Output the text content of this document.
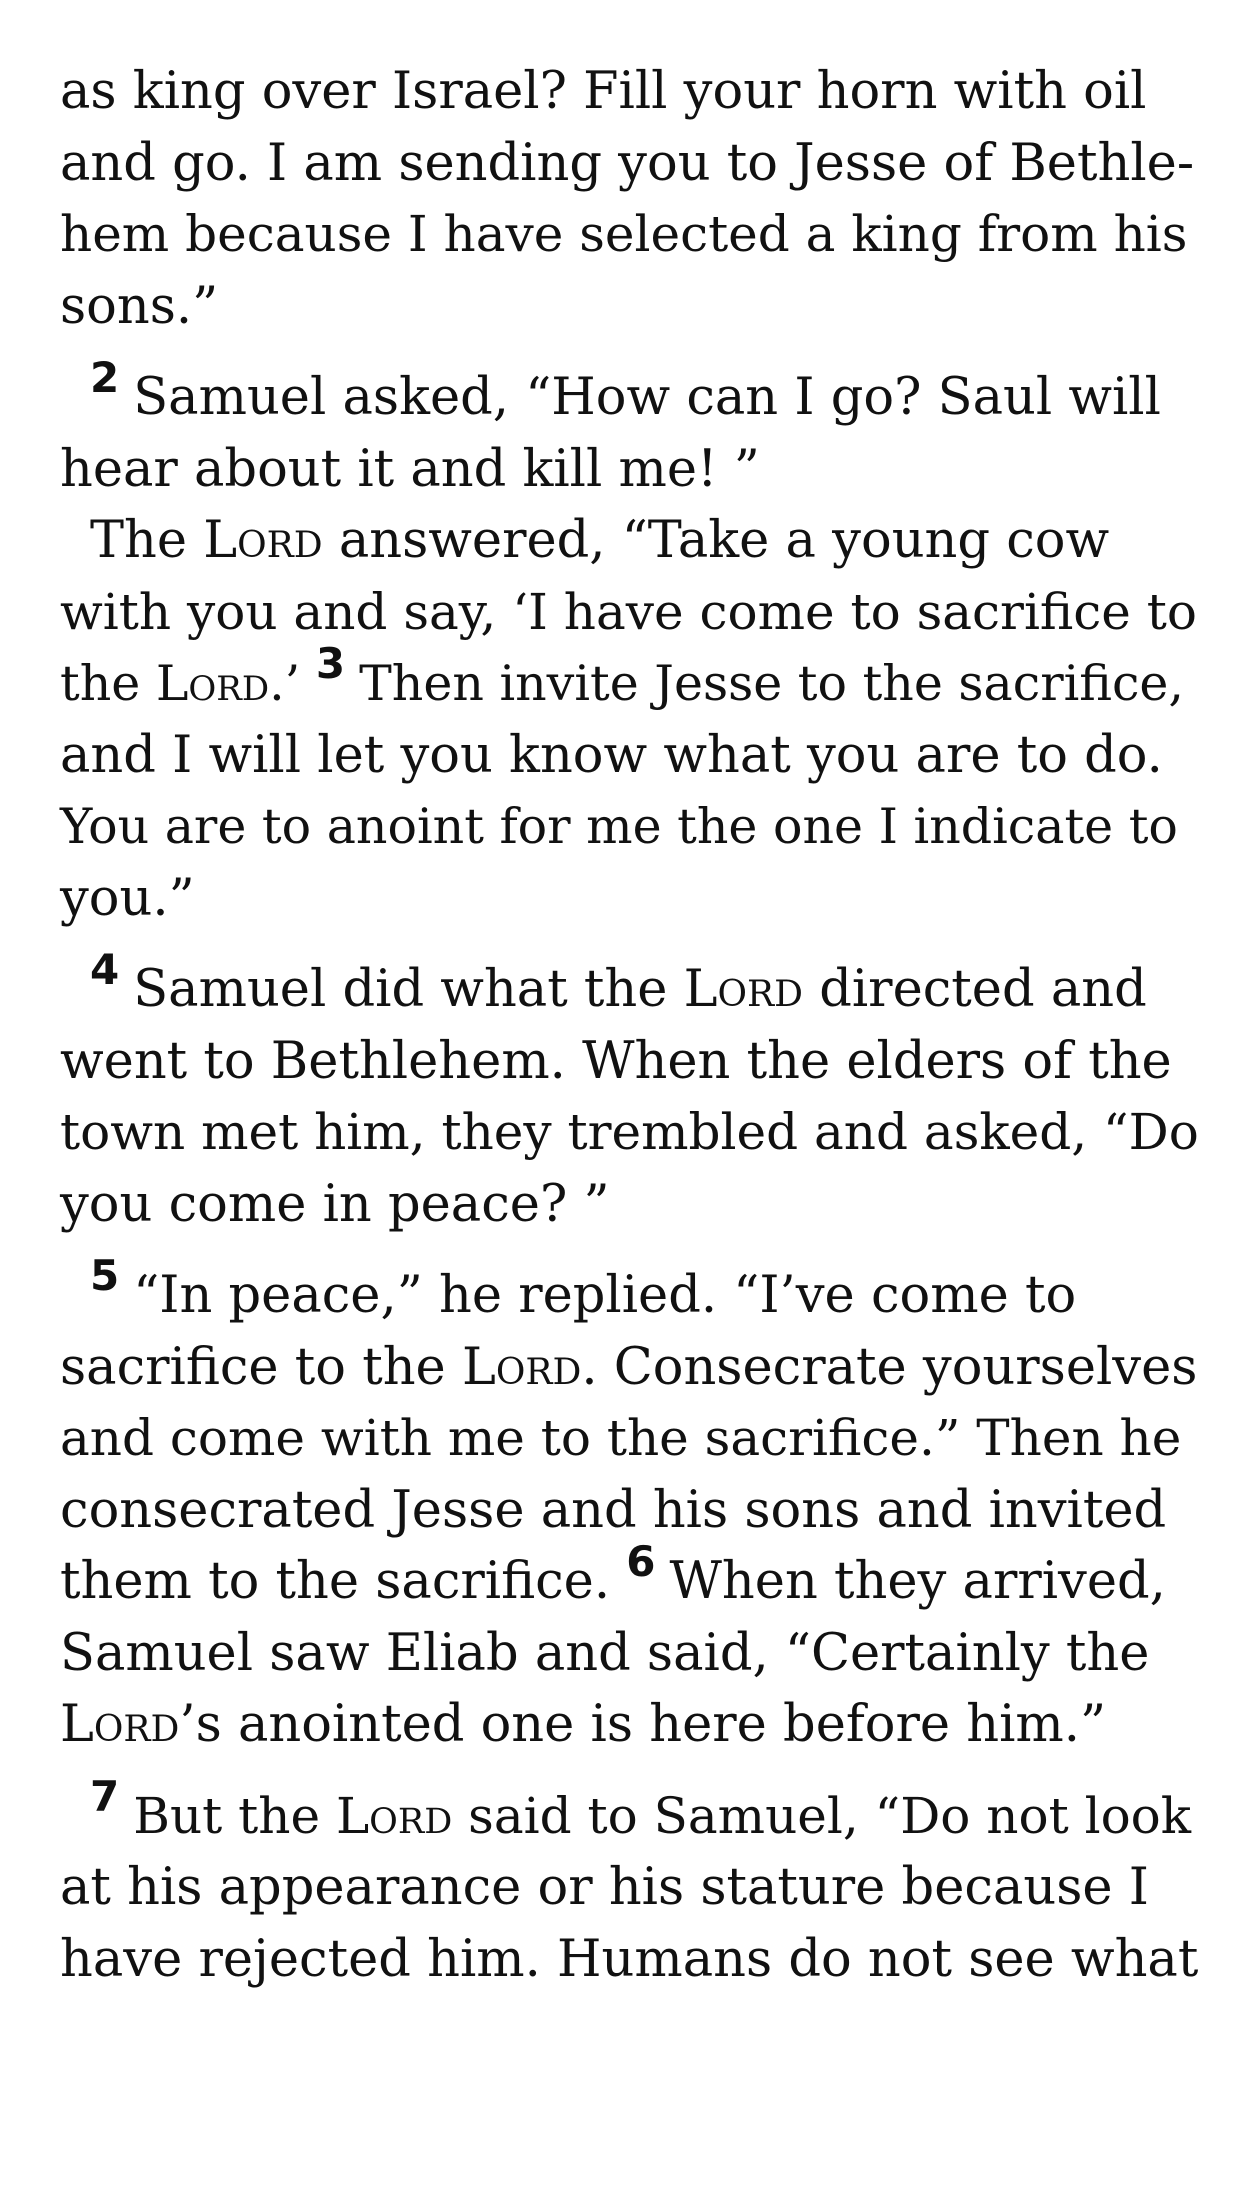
as king over Israel? Fill your horn with oil
and go. I am sending you to Jesse of Bethle-
hem because I have selected a king from his
sons.”
$^2$ Samuel asked, “How can I go? Saul will
hear about it and kill me! ”
The Lord answered, “Take a young cow
with you and say, ‘I have come to sacrifice to
the Lord.’ 3 Then invite Jesse to the sacrifice,
and I will let you know what you are to do.
You are to anoint for me the one I indicate to
you.”
$^4$ Samuel did what the Lord directed and
went to Bethlehem. When the elders of the
town met him, they trembled and asked, “Do
you come in peace? ”
$^5$ “In peace,” he replied. “I’ve come to
sacrifice to the Lord. Consecrate yourselves
and come with me to the sacrifice.” Then he
consecrated Jesse and his sons and invited
them to the sacrifice. $^6$ When they arrived,
Samuel saw Eliab and said, “Certainly the
Lord’s anointed one is here before him.”
$^7$ But the Lord said to Samuel, “Do not look
at his appearance or his stature because I
have rejected him. Humans do not see what
